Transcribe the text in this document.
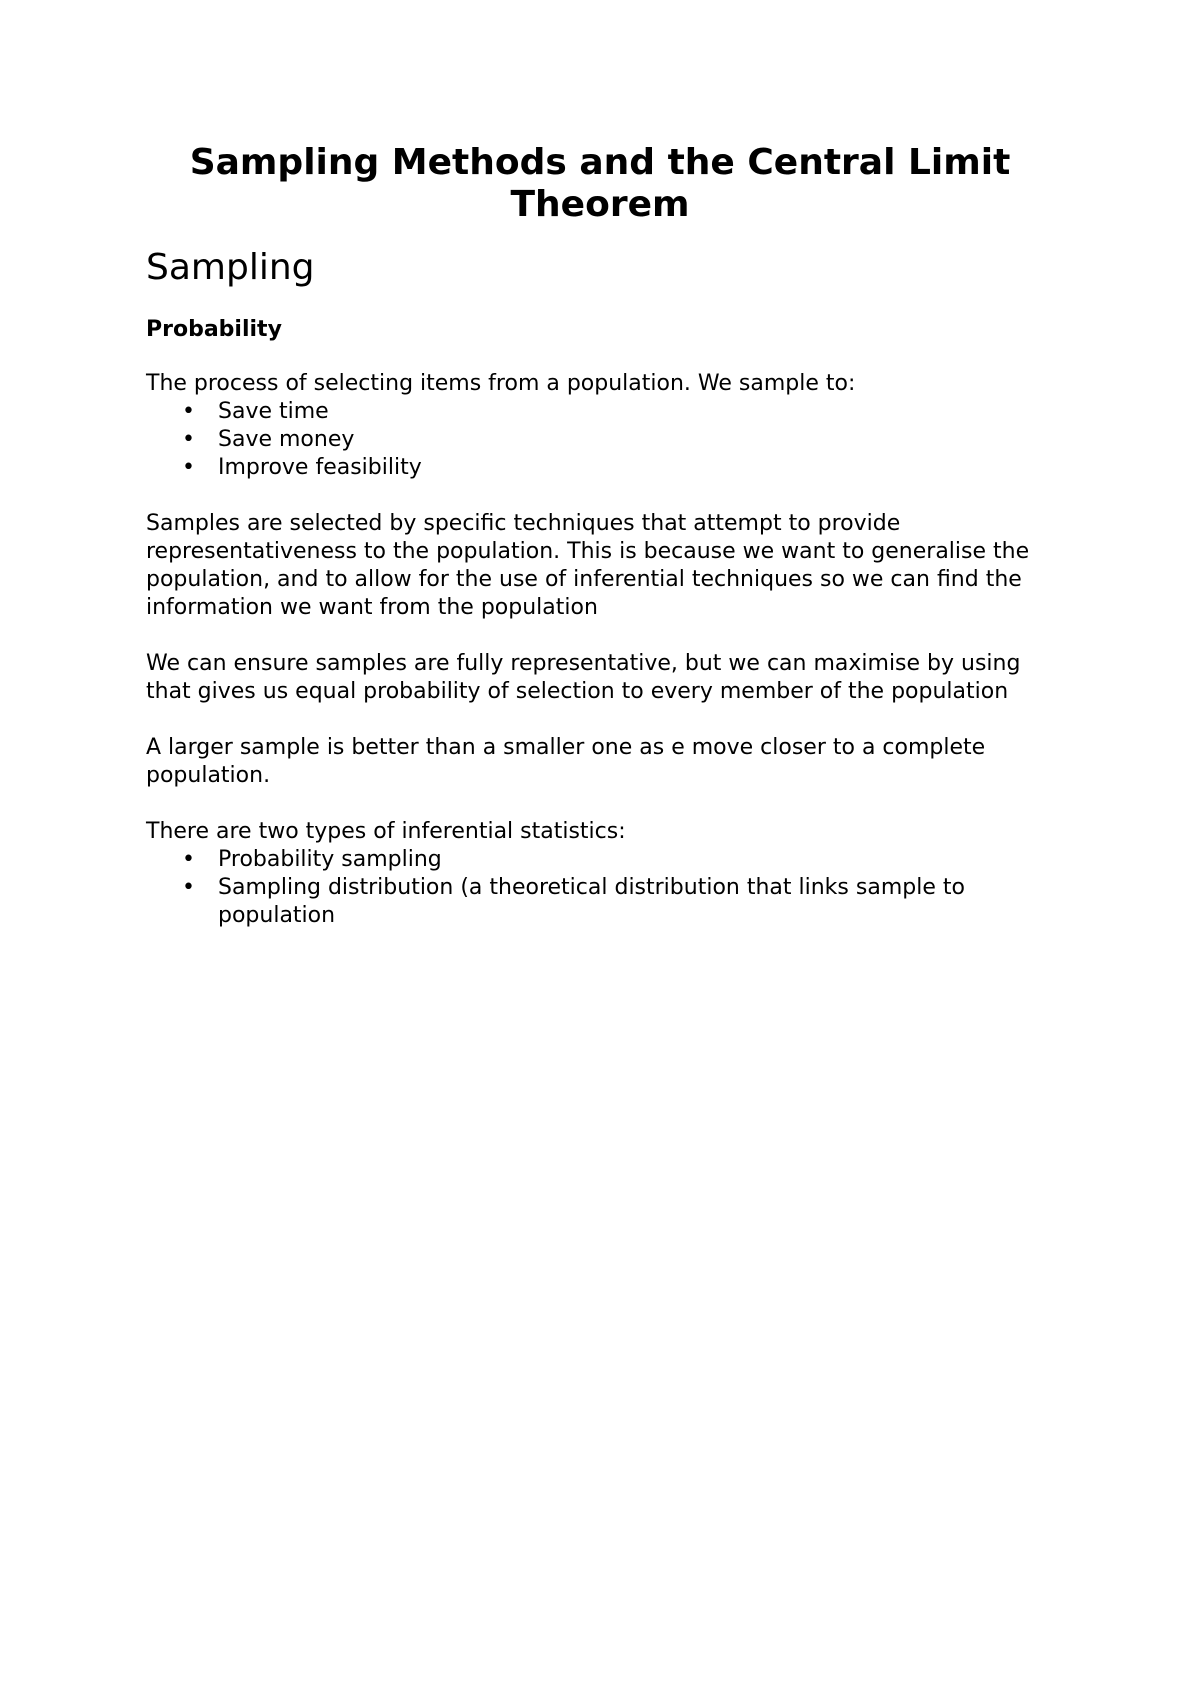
Sampling Methods and the Central Limit Theorem
Sampling
Probability

The process of selecting items from a population. We sample to:

• Save time
• Save money
• Improve feasibility

Samples are selected by specific techniques that attempt to provide representativeness to the population. This is because we want to generalise the population, and to allow for the use of inferential techniques so we can find the information we want from the population

We can ensure samples are fully representative, but we can maximise by using that gives us equal probability of selection to every member of the population

A larger sample is better than a smaller one as e move closer to a complete population.

There are two types of inferential statistics:

• Probability sampling
• Sampling distribution (a theoretical distribution that links sample to population
